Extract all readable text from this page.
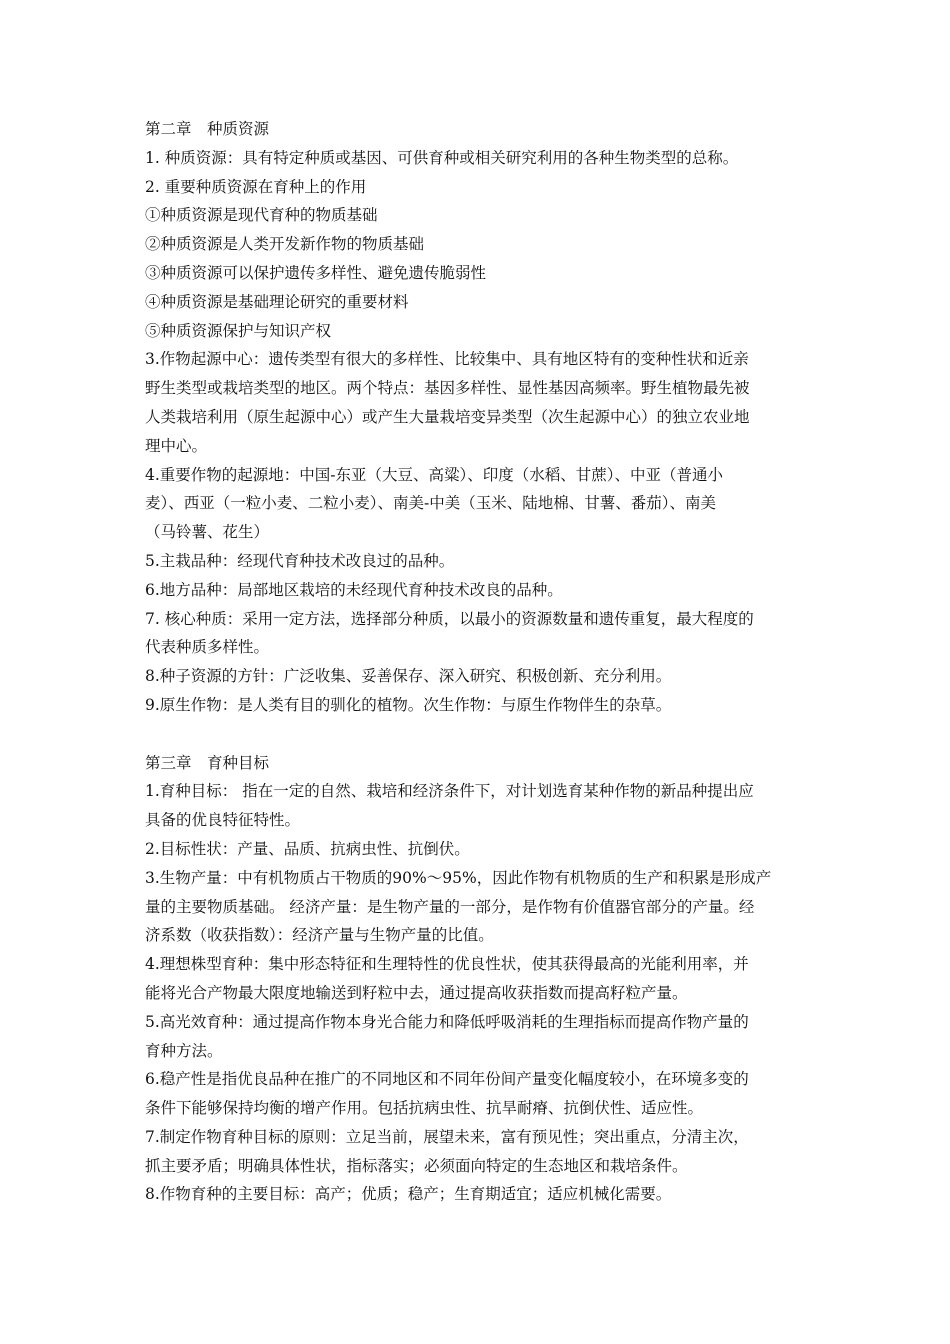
第二章　种质资源

1. 种质资源：具有特定种质或基因、可供育种或相关研究利用的各种生物类型的总称。

2. 重要种质资源在育种上的作用

①种质资源是现代育种的物质基础

②种质资源是人类开发新作物的物质基础

③种质资源可以保护遗传多样性、避免遗传脆弱性

④种质资源是基础理论研究的重要材料

⑤种质资源保护与知识产权

3.作物起源中心：遗传类型有很大的多样性、比较集中、具有地区特有的变种性状和近亲

野生类型或栽培类型的地区。两个特点：基因多样性、显性基因高频率。野生植物最先被

人类栽培利用（原生起源中心）或产生大量栽培变异类型（次生起源中心）的独立农业地

理中心。

4.重要作物的起源地：中国-东亚（大豆、高粱）、印度（水稻、甘蔗）、中亚（普通小

麦）、西亚（一粒小麦、二粒小麦）、南美-中美（玉米、陆地棉、甘薯、番茄）、南美

（马铃薯、花生）

5.主栽品种：经现代育种技术改良过的品种。

6.地方品种：局部地区栽培的未经现代育种技术改良的品种。

7. 核心种质：采用一定方法，选择部分种质，以最小的资源数量和遗传重复，最大程度的

代表种质多样性。

8.种子资源的方针：广泛收集、妥善保存、深入研究、积极创新、充分利用。

9.原生作物：是人类有目的驯化的植物。次生作物：与原生作物伴生的杂草。

第三章　育种目标

1.育种目标： 指在一定的自然、栽培和经济条件下，对计划选育某种作物的新品种提出应

具备的优良特征特性。

2.目标性状：产量、品质、抗病虫性、抗倒伏。

3.生物产量：中有机物质占干物质的90%～95%，因此作物有机物质的生产和积累是形成产

量的主要物质基础。 经济产量：是生物产量的一部分，是作物有价值器官部分的产量。经

济系数（收获指数）：经济产量与生物产量的比值。

4.理想株型育种：集中形态特征和生理特性的优良性状，使其获得最高的光能利用率，并

能将光合产物最大限度地输送到籽粒中去，通过提高收获指数而提高籽粒产量。

5.高光效育种：通过提高作物本身光合能力和降低呼吸消耗的生理指标而提高作物产量的

育种方法。

6.稳产性是指优良品种在推广的不同地区和不同年份间产量变化幅度较小，在环境多变的

条件下能够保持均衡的增产作用。包括抗病虫性、抗旱耐瘠、抗倒伏性、适应性。

7.制定作物育种目标的原则：立足当前，展望未来，富有预见性；突出重点，分清主次，

抓主要矛盾；明确具体性状，指标落实；必须面向特定的生态地区和栽培条件。

8.作物育种的主要目标：高产；优质；稳产；生育期适宜；适应机械化需要。
